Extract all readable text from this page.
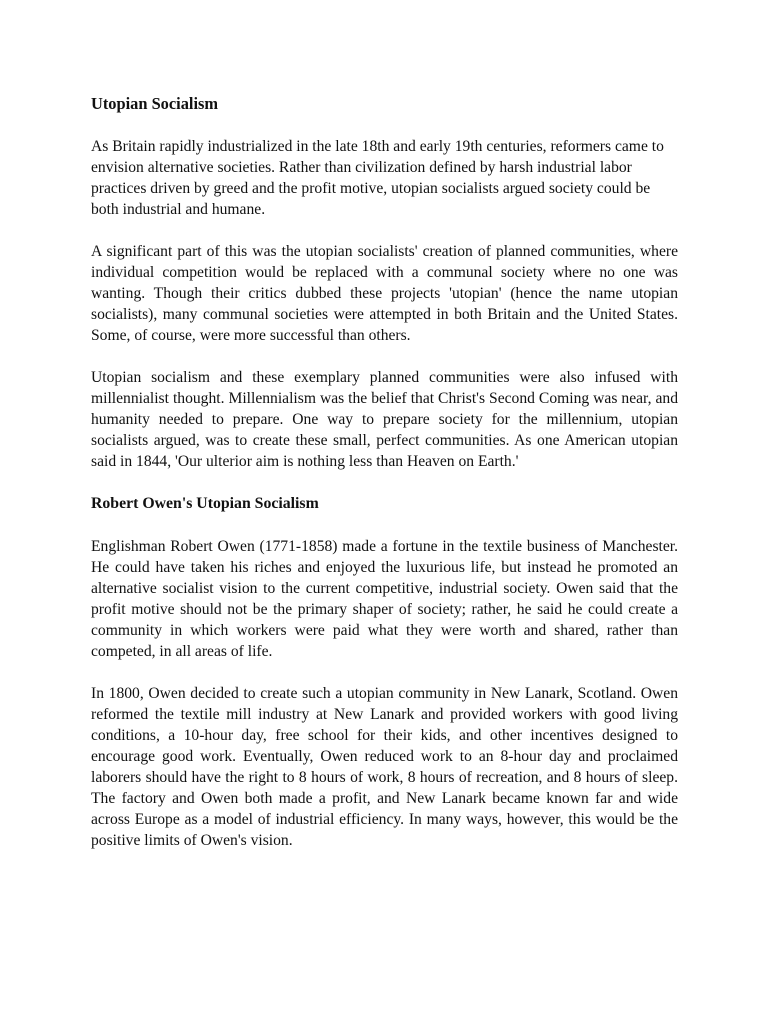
Utopian Socialism

As Britain rapidly industrialized in the late 18th and early 19th centuries, reformers came to envision alternative societies. Rather than civilization defined by harsh industrial labor practices driven by greed and the profit motive, utopian socialists argued society could be both industrial and humane.

A significant part of this was the utopian socialists' creation of planned communities, where individual competition would be replaced with a communal society where no one was wanting. Though their critics dubbed these projects 'utopian' (hence the name utopian socialists), many communal societies were attempted in both Britain and the United States. Some, of course, were more successful than others.

Utopian socialism and these exemplary planned communities were also infused with millennialist thought. Millennialism was the belief that Christ's Second Coming was near, and humanity needed to prepare. One way to prepare society for the millennium, utopian socialists argued, was to create these small, perfect communities. As one American utopian said in 1844, 'Our ulterior aim is nothing less than Heaven on Earth.'

Robert Owen's Utopian Socialism

Englishman Robert Owen (1771-1858) made a fortune in the textile business of Manchester. He could have taken his riches and enjoyed the luxurious life, but instead he promoted an alternative socialist vision to the current competitive, industrial society. Owen said that the profit motive should not be the primary shaper of society; rather, he said he could create a community in which workers were paid what they were worth and shared, rather than competed, in all areas of life.

In 1800, Owen decided to create such a utopian community in New Lanark, Scotland. Owen reformed the textile mill industry at New Lanark and provided workers with good living conditions, a 10-hour day, free school for their kids, and other incentives designed to encourage good work. Eventually, Owen reduced work to an 8-hour day and proclaimed laborers should have the right to 8 hours of work, 8 hours of recreation, and 8 hours of sleep. The factory and Owen both made a profit, and New Lanark became known far and wide across Europe as a model of industrial efficiency. In many ways, however, this would be the positive limits of Owen's vision.
